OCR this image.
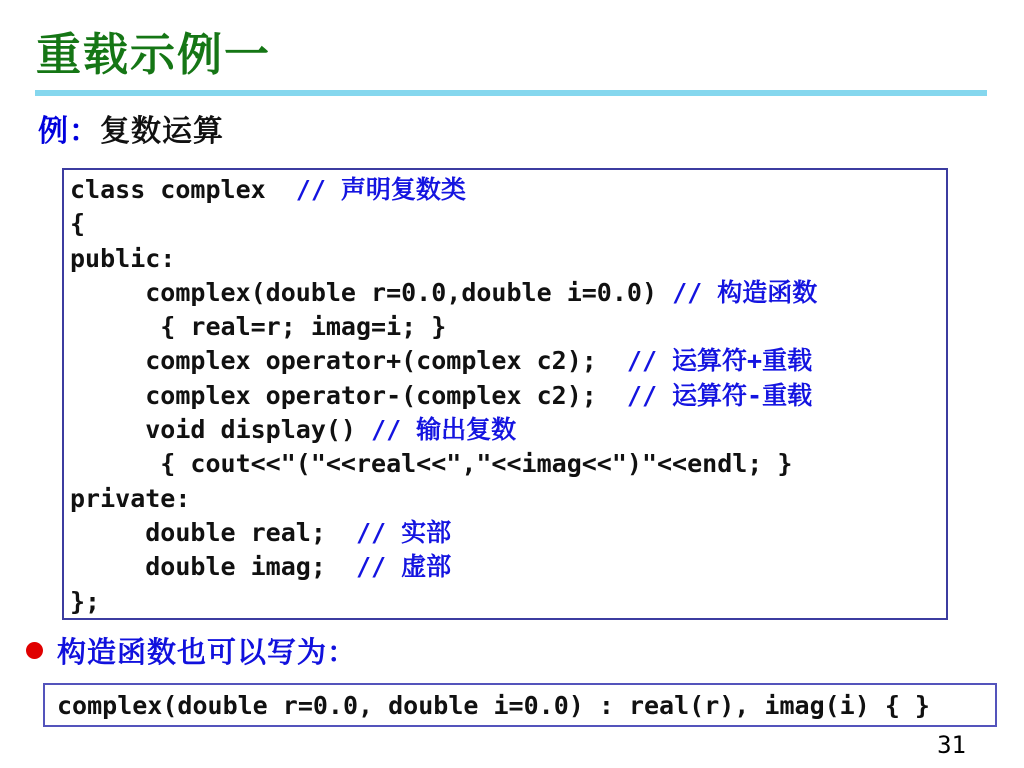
重载示例一
例：复数运算
class complex  // 声明复数类
{
public:
complex(double r=0.0,double i=0.0) // 构造函数
{ real=r; imag=i; }
complex operator+(complex c2);  // 运算符+重载
complex operator-(complex c2);  // 运算符-重载
void display() // 输出复数
{ cout<<"("<<real<<","<<imag<<")"<<endl; }
private:
double real;  // 实部
double imag;  // 虚部
};
构造函数也可以写为：
complex(double r=0.0, double i=0.0) : real(r), imag(i) { }
31
